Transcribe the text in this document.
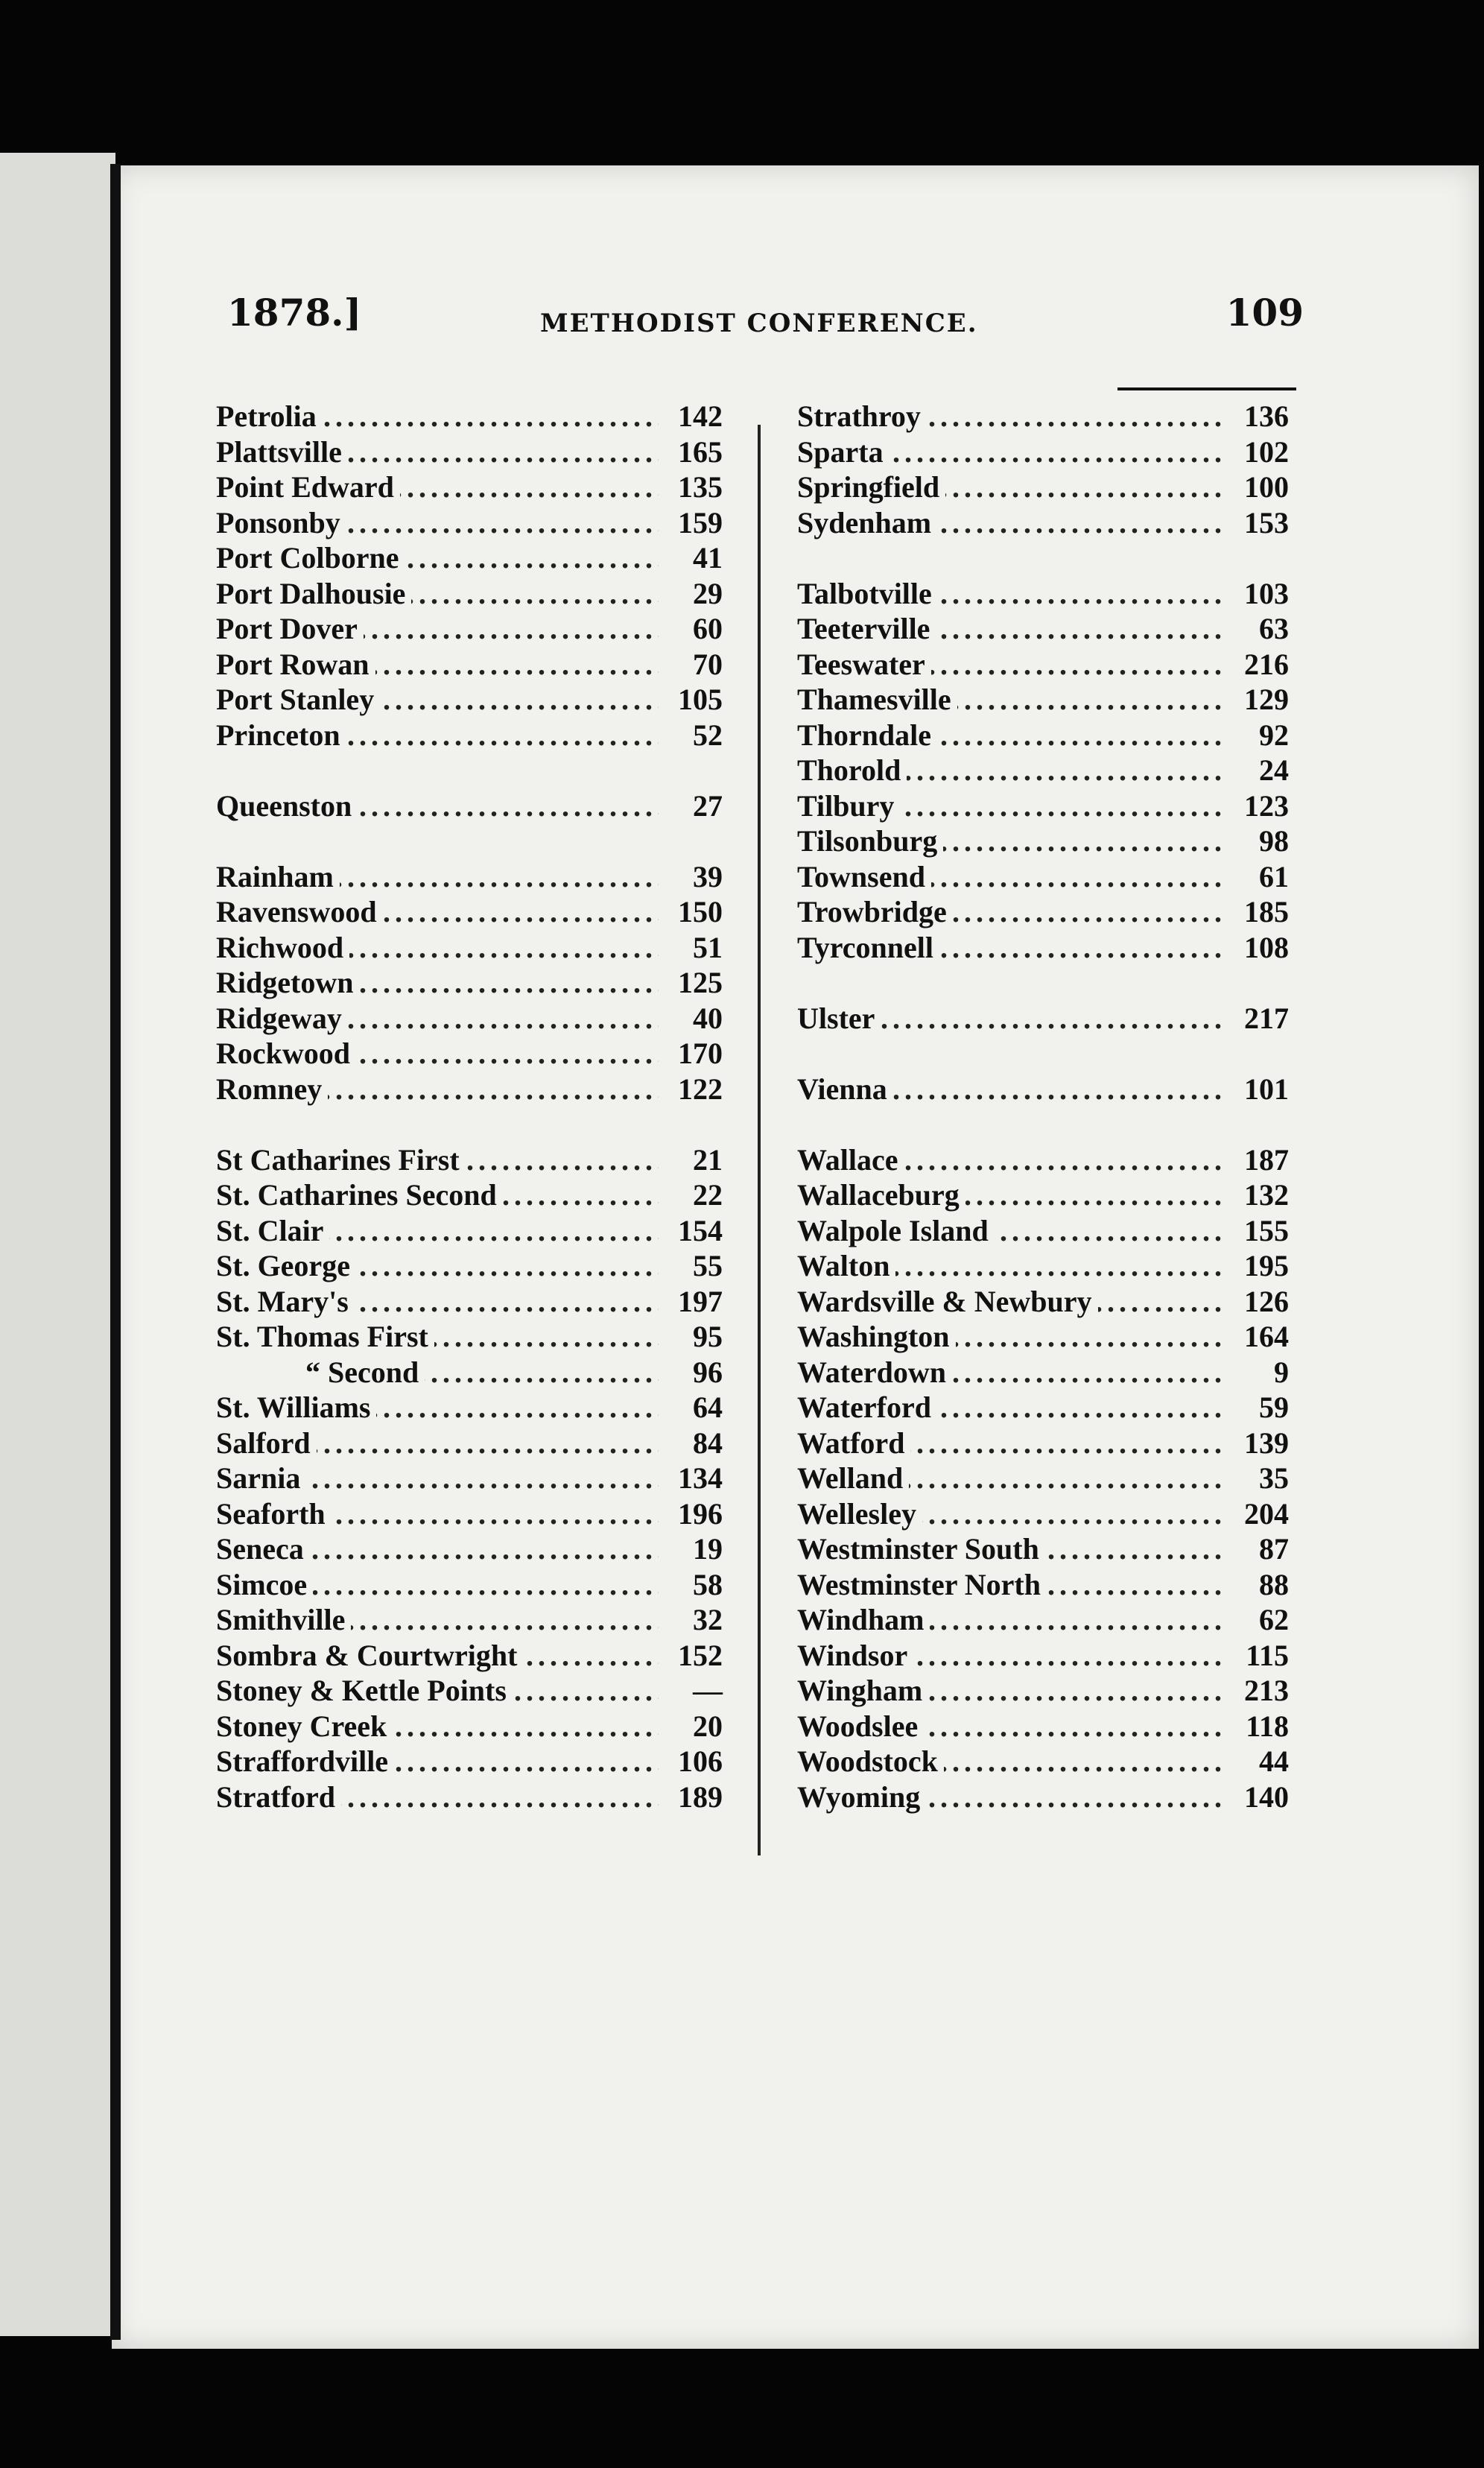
1878.]	METHODIST CONFERENCE.	109
.....
Petrolia	142
.....
Plattsville	165
.....
Point Edward	135
.....
Ponsonby	159
.....
Port Colborne	41
.....
Port Dalhousie	29
.....
Port Dover	60
.....
Port Rowan	70
.....
Port Stanley	105
.....
Princeton	52
.....
Queenston	27
.....
Rainham	39
.....
Ravenswood	150
.....
Richwood	51
.....
Ridgetown	125
.....
Ridgeway	40
.....
Rockwood	170
.....
Romney	122
.....
St Catharines First	21
.....
St. Catharines Second	22
.....
St. Clair	154
.....
St. George	55
.....
St. Mary's	197
.....
St. Thomas First	95
.....
“ Second	96
.....
St. Williams	64
.....
Salford	84
.....
Sarnia	134
.....
Seaforth	196
.....
Seneca	19
.....
Simcoe	58
.....
Smithville	32
.....
Sombra & Courtwright	152
.....
Stoney & Kettle Points	—
.....
Stoney Creek	20
.....
Straffordville	106
.....
Stratford	189
.....
Strathroy	136
.....
Sparta	102
.....
Springfield	100
.....
Sydenham	153
.....
Talbotville	103
.....
Teeterville	63
.....
Teeswater	216
.....
Thamesville	129
.....
Thorndale	92
.....
Thorold	24
.....
Tilbury	123
.....
Tilsonburg	98
.....
Townsend	61
.....
Trowbridge	185
.....
Tyrconnell	108
.....
Ulster	217
.....
Vienna	101
.....
Wallace	187
.....
Wallaceburg	132
.....
Walpole Island	155
.....
Walton	195
.....
Wardsville & Newbury	126
.....
Washington	164
.....
Waterdown	9
.....
Waterford	59
.....
Watford	139
.....
Welland	35
.....
Wellesley	204
.....
Westminster South	87
.....
Westminster North	88
.....
Windham	62
.....
Windsor	115
.....
Wingham	213
.....
Woodslee	118
.....
Woodstock	44
.....
Wyoming	140
